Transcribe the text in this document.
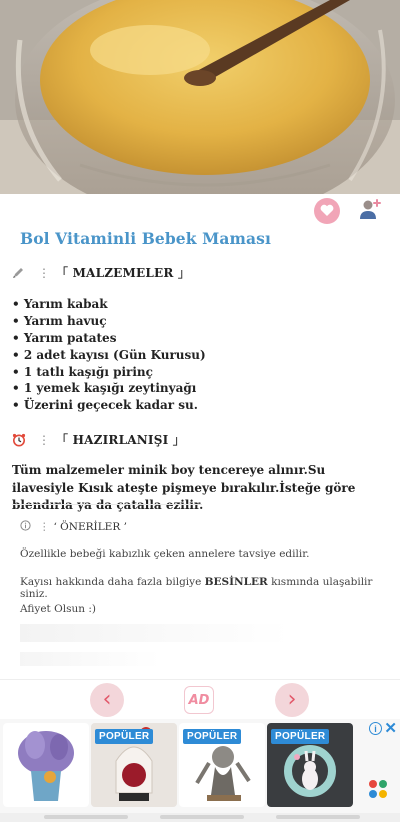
Bol Vitaminli Bebek Maması
⋮ 「 MALZEMELER 」
• Yarım kabak
• Yarım havuç
• Yarım patates
• 2 adet kayısı (Gün Kurusu)
• 1 tatlı kaşığı pirinç
• 1 yemek kaşığı zeytinyağı
• Üzerini geçecek kadar su.
⋮ 「 HAZIRLANIŞI 」
Tüm malzemeler minik boy tencereye alınır.Su ilavesiyle Kısık ateşte pişmeye bırakılır.İsteğe göre blendırla ya da çatalla ezilir.
⋮ ‘ ÖNERİLER ’
Özellikle bebeği kabızlık çeken annelere tavsiye edilir.
Kayısı hakkında daha fazla bilgiye BESİNLER kısmında ulaşabilir siniz.
Afiyet Olsun :)
‹	AD	›
POPÜLER	POPÜLER	POPÜLER
i ✕
